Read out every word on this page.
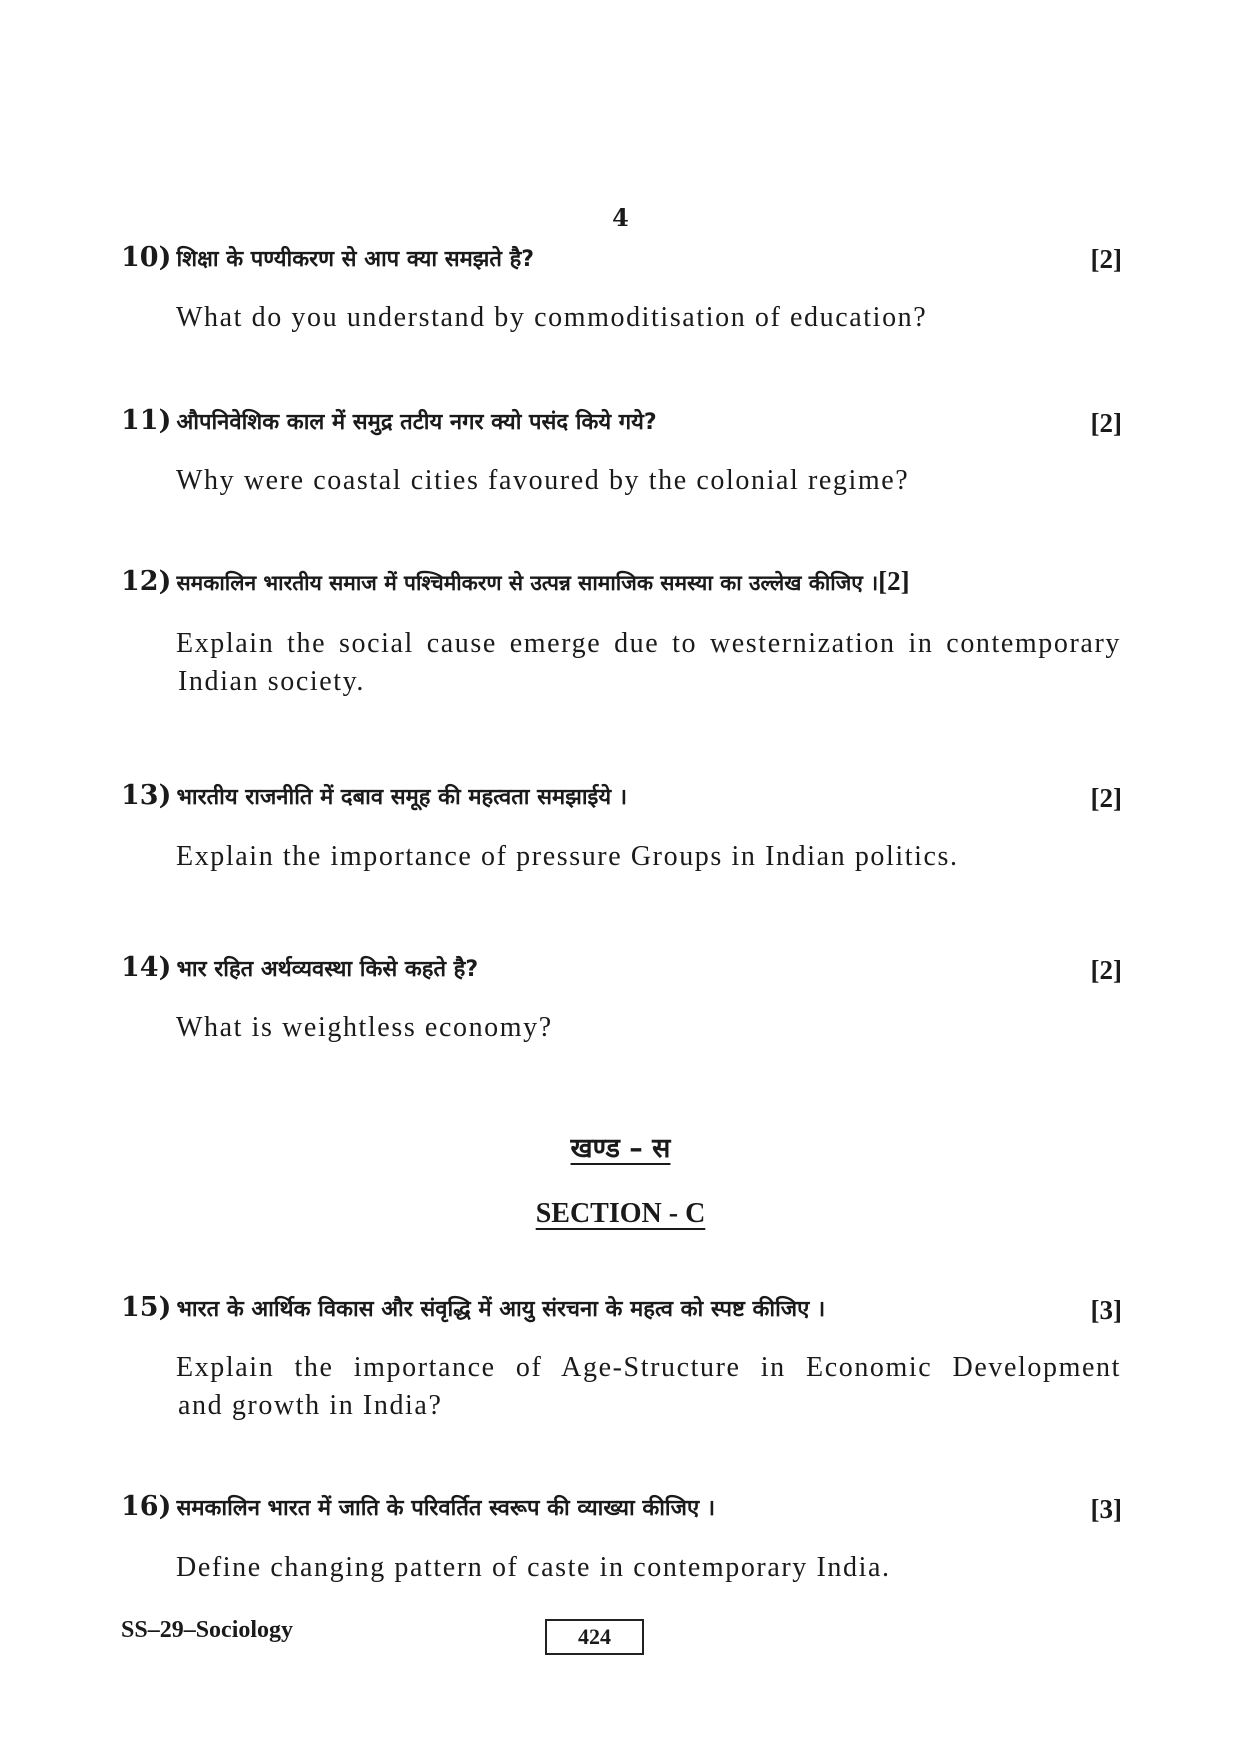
4
10) शिक्षा के पण्यीकरण से आप क्या समझते है?	[2]
What do you understand by commoditisation of education?
11) औपनिवेशिक काल में समुद्र तटीय नगर क्यो पसंद किये गये?	[2]
Why were coastal cities favoured by the colonial regime?
12) समकालिन भारतीय समाज में पश्चिमीकरण से उत्पन्न सामाजिक समस्या का उल्लेख कीजिए ।[2]
Explain the social cause emerge due to westernization in contemporary
Indian society.
13) भारतीय राजनीति में दबाव समूह की महत्वता समझाईये ।	[2]
Explain the importance of pressure Groups in Indian politics.
14) भार रहित अर्थव्यवस्था किसे कहते है?	[2]
What is weightless economy?
खण्ड – स
SECTION - C
15) भारत के आर्थिक विकास और संवृद्धि में आयु संरचना के महत्व को स्पष्ट कीजिए ।	[3]
Explain the importance of Age-Structure in Economic Development
and growth in India?
16) समकालिन भारत में जाति के परिवर्तित स्वरूप की व्याख्या कीजिए ।	[3]
Define changing pattern of caste in contemporary India.
SS–29–Sociology	424
